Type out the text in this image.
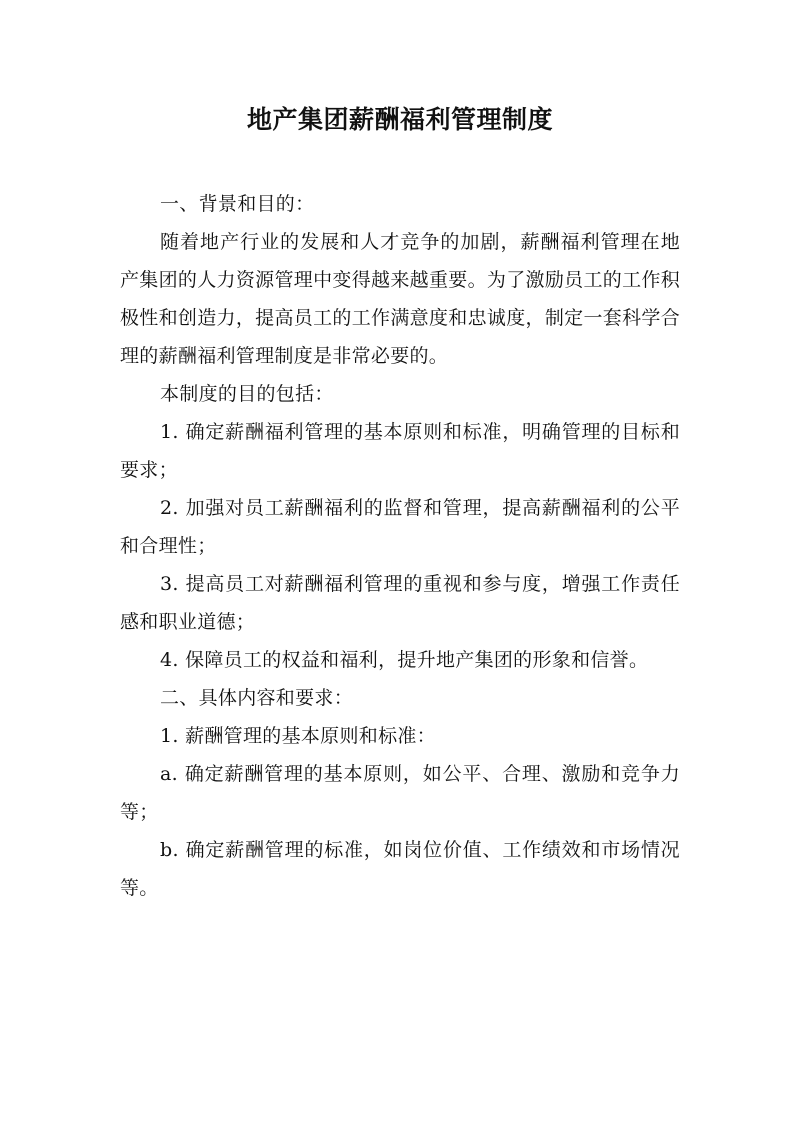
地产集团薪酬福利管理制度

一、背景和目的：

随着地产行业的发展和人才竞争的加剧，薪酬福利管理在地产集团的人力资源管理中变得越来越重要。为了激励员工的工作积极性和创造力，提高员工的工作满意度和忠诚度，制定一套科学合理的薪酬福利管理制度是非常必要的。

本制度的目的包括：

1. 确定薪酬福利管理的基本原则和标准，明确管理的目标和要求；

2. 加强对员工薪酬福利的监督和管理，提高薪酬福利的公平和合理性；

3. 提高员工对薪酬福利管理的重视和参与度，增强工作责任感和职业道德；

4. 保障员工的权益和福利，提升地产集团的形象和信誉。

二、具体内容和要求：

1. 薪酬管理的基本原则和标准：

a. 确定薪酬管理的基本原则，如公平、合理、激励和竞争力等；

b. 确定薪酬管理的标准，如岗位价值、工作绩效和市场情况等。
